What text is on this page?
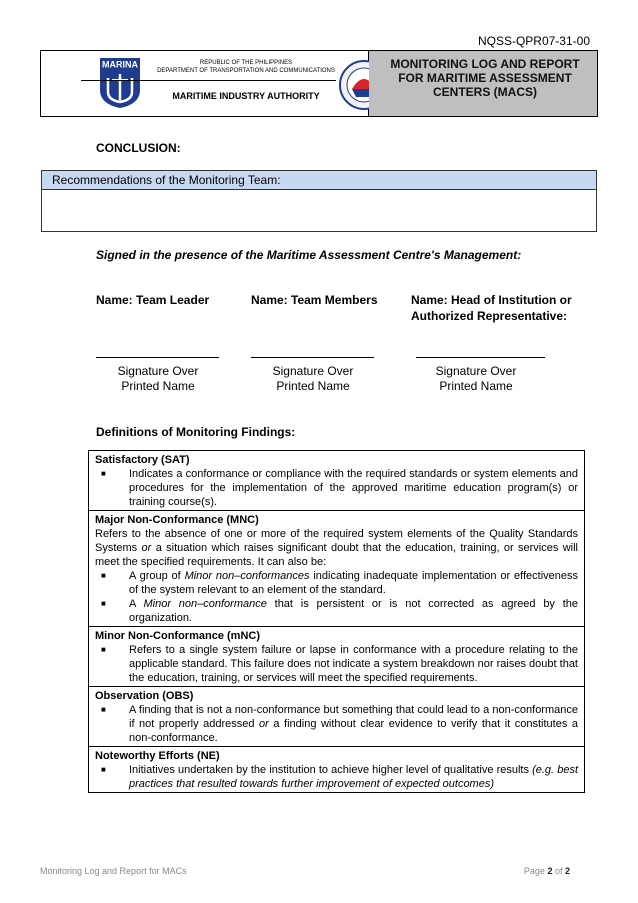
NQSS-QPR07-31-00
MARINA	REPUBLIC OF THE PHILIPPINES
DEPARTMENT OF TRANSPORTATION AND COMMUNICATIONS
MARITIME INDUSTRY AUTHORITY
MONITORING LOG AND REPORT FOR MARITIME ASSESSMENT CENTERS (MACS)
CONCLUSION:
Recommendations of the Monitoring Team:
Signed in the presence of the Maritime Assessment Centre's Management:
Name: Team Leader	Name: Team Members	Name: Head of Institution or
Authorized Representative:
Signature Over
Printed Name
Signature Over
Printed Name
Signature Over
Printed Name
Definitions of Monitoring Findings:
Satisfactory (SAT)
■	Indicates a conformance or compliance with the required standards or system elements and procedures for the implementation of the approved maritime education program(s) or training course(s).
Major Non-Conformance (MNC)
Refers to the absence of one or more of the required system elements of the Quality Standards Systems or a situation which raises significant doubt that the education, training, or services will meet the specified requirements. It can also be:
■	A group of Minor non–conformances indicating inadequate implementation or effectiveness of the system relevant to an element of the standard.
■	A Minor non–conformance that is persistent or is not corrected as agreed by the organization.
Minor Non-Conformance (mNC)
■	Refers to a single system failure or lapse in conformance with a procedure relating to the applicable standard. This failure does not indicate a system breakdown nor raises doubt that the education, training, or services will meet the specified requirements.
Observation (OBS)
■	A finding that is not a non-conformance but something that could lead to a non-conformance if not properly addressed or a finding without clear evidence to verify that it constitutes a non-conformance.
Noteworthy Efforts (NE)
■	Initiatives undertaken by the institution to achieve higher level of qualitative results (e.g. best practices that resulted towards further improvement of expected outcomes)
Monitoring Log and Report for MACs	Page 2 of 2
